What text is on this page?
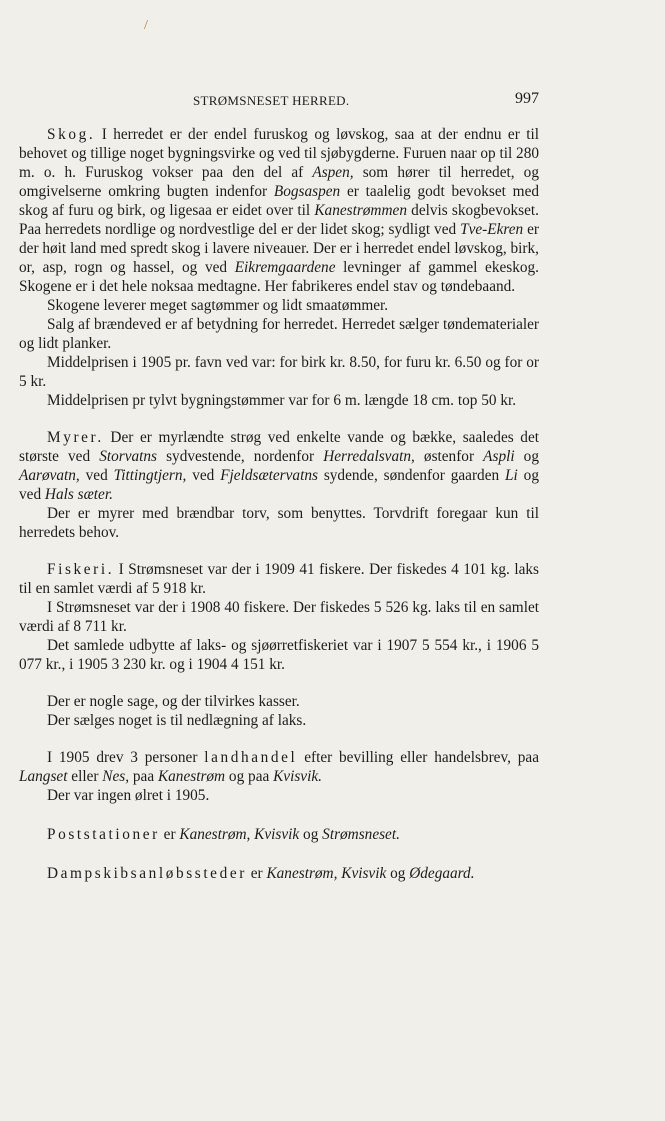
/
STRØMSNESET HERRED.	997

Skog. I herredet er der endel furuskog og løvskog, saa at der endnu er til behovet og tillige noget bygningsvirke og ved til sjøbygderne. Furuen naar op til 280 m. o. h. Furuskog vokser paa den del af Aspen, som hører til herredet, og omgivelserne omkring bugten indenfor Bogsaspen er taalelig godt bevokset med skog af furu og birk, og ligesaa er eidet over til Kanestrømmen delvis skogbevokset. Paa herredets nordlige og nordvestlige del er der lidet skog; sydligt ved Tve-Ekren er der høit land med spredt skog i lavere niveauer. Der er i herredet endel løvskog, birk, or, asp, rogn og hassel, og ved Eikremgaardene levninger af gammel ekeskog. Skogene er i det hele noksaa medtagne. Her fabrikeres endel stav og tøndebaand.

Skogene leverer meget sagtømmer og lidt smaatømmer.

Salg af brændeved er af betydning for herredet. Herredet sælger tøndematerialer og lidt planker.

Middelprisen i 1905 pr. favn ved var: for birk kr. 8.50, for furu kr. 6.50 og for or 5 kr.

Middelprisen pr tylvt bygningstømmer var for 6 m. længde 18 cm. top 50 kr.

Myrer. Der er myrlændte strøg ved enkelte vande og bække, saaledes det største ved Storvatns sydvestende, nordenfor Herredalsvatn, østenfor Aspli og Aarøvatn, ved Tittingtjern, ved Fjeldsætervatns sydende, søndenfor gaarden Li og ved Hals sæter.

Der er myrer med brændbar torv, som benyttes. Torvdrift foregaar kun til herredets behov.

Fiskeri. I Strømsneset var der i 1909 41 fiskere. Der fiskedes 4 101 kg. laks til en samlet værdi af 5 918 kr.

I Strømsneset var der i 1908 40 fiskere. Der fiskedes 5 526 kg. laks til en samlet værdi af 8 711 kr.

Det samlede udbytte af laks- og sjøørretfiskeriet var i 1907 5 554 kr., i 1906 5 077 kr., i 1905 3 230 kr. og i 1904 4 151 kr.

Der er nogle sage, og der tilvirkes kasser.

Der sælges noget is til nedlægning af laks.

I 1905 drev 3 personer landhandel efter bevilling eller handelsbrev, paa Langset eller Nes, paa Kanestrøm og paa Kvisvik.

Der var ingen ølret i 1905.

Poststationer er Kanestrøm, Kvisvik og Strømsneset.

Dampskibsanløbssteder er Kanestrøm, Kvisvik og Ødegaard.
